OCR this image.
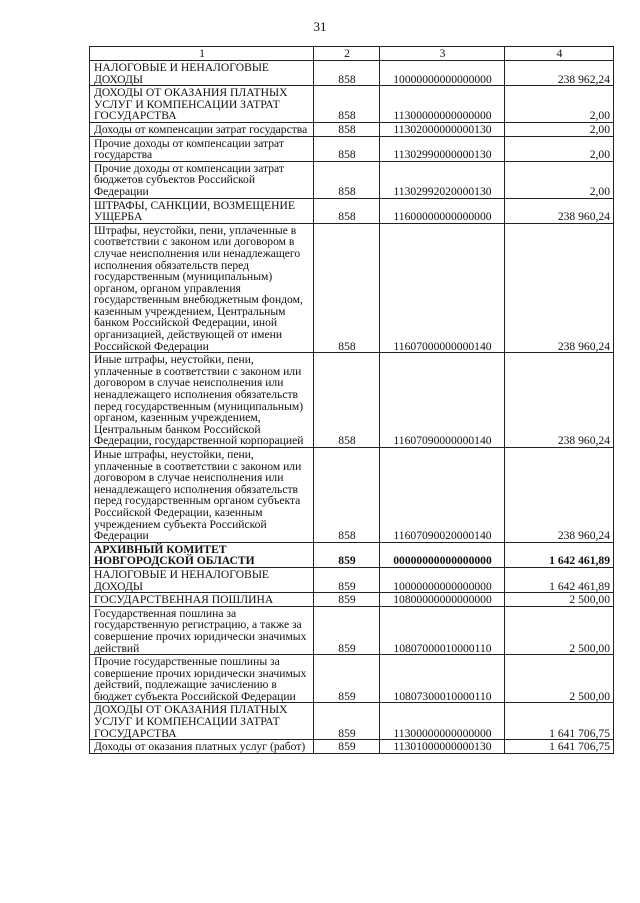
31
1	2	3	4
НАЛОГОВЫЕ И НЕНАЛОГОВЫЕ ДОХОДЫ	858	10000000000000000	238 962,24
ДОХОДЫ ОТ ОКАЗАНИЯ ПЛАТНЫХ УСЛУГ И КОМПЕНСАЦИИ ЗАТРАТ ГОСУДАРСТВА	858	11300000000000000	2,00
Доходы от компенсации затрат государства	858	11302000000000130	2,00
Прочие доходы от компенсации затрат государства	858	11302990000000130	2,00
Прочие доходы от компенсации затрат бюджетов субъектов Российской Федерации	858	11302992020000130	2,00
ШТРАФЫ, САНКЦИИ, ВОЗМЕЩЕНИЕ УЩЕРБА	858	11600000000000000	238 960,24
Штрафы, неустойки, пени, уплаченные в соответствии с законом или договором в случае неисполнения или ненадлежащего исполнения обязательств перед государственным (муниципальным) органом, органом управления государственным внебюджетным фондом, казенным учреждением, Центральным банком Российской Федерации, иной организацией, действующей от имени Российской Федерации	858	11607000000000140	238 960,24
Иные штрафы, неустойки, пени, уплаченные в соответствии с законом или договором в случае неисполнения или ненадлежащего исполнения обязательств перед государственным (муниципальным) органом, казенным учреждением, Центральным банком Российской Федерации, государственной корпорацией	858	11607090000000140	238 960,24
Иные штрафы, неустойки, пени, уплаченные в соответствии с законом или договором в случае неисполнения или ненадлежащего исполнения обязательств перед государственным органом субъекта Российской Федерации, казенным учреждением субъекта Российской Федерации	858	11607090020000140	238 960,24
АРХИВНЫЙ КОМИТЕТ НОВГОРОДСКОЙ ОБЛАСТИ	859	00000000000000000	1 642 461,89
НАЛОГОВЫЕ И НЕНАЛОГОВЫЕ ДОХОДЫ	859	10000000000000000	1 642 461,89
ГОСУДАРСТВЕННАЯ ПОШЛИНА	859	10800000000000000	2 500,00
Государственная пошлина за государственную регистрацию, а также за совершение прочих юридически значимых действий	859	10807000010000110	2 500,00
Прочие государственные пошлины за совершение прочих юридически значимых действий, подлежащие зачислению в бюджет субъекта Российской Федерации	859	10807300010000110	2 500,00
ДОХОДЫ ОТ ОКАЗАНИЯ ПЛАТНЫХ УСЛУГ И КОМПЕНСАЦИИ ЗАТРАТ ГОСУДАРСТВА	859	11300000000000000	1 641 706,75
Доходы от оказания платных услуг (работ)	859	11301000000000130	1 641 706,75
